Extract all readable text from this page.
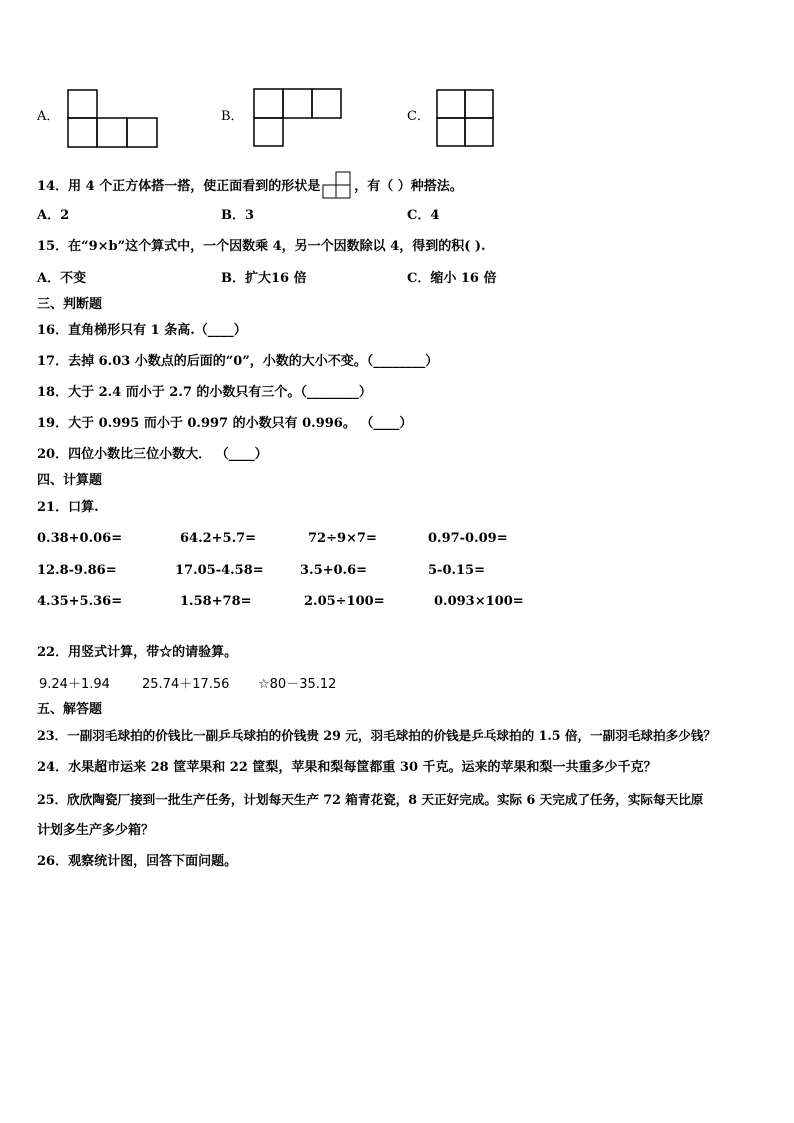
A．	B．	C．
14．用 4 个正方体搭一搭，使正面看到的形状是	，有（ ）种搭法。
A．2	B．3	C．4
15．在“9×b”这个算式中，一个因数乘 4，另一个因数除以 4，得到的积( ).
A．不变	B．扩大16 倍	C．缩小 16 倍
三、判断题
16．直角梯形只有 1 条高.（____）
17．去掉 6.03 小数点的后面的“0”，小数的大小不变。（________）
18．大于 2.4 而小于 2.7 的小数只有三个。（________）
19．大于 0.995 而小于 0.997 的小数只有 0.996。 （____）
20．四位小数比三位小数大． （____）
四、计算题
21．口算.
0.38+0.06=	64.2+5.7=	72÷9×7=	0.97-0.09=
12.8-9.86=	17.05-4.58=	3.5+0.6=	5-0.15=
4.35+5.36=	1.58+78=	2.05÷100=	0.093×100=
22．用竖式计算，带☆的请验算。
9.24＋1.94 25.74＋17.56 ☆80－35.12
五、解答题
23．一副羽毛球拍的价钱比一副乒乓球拍的价钱贵 29 元，羽毛球拍的价钱是乒乓球拍的 1.5 倍，一副羽毛球拍多少钱？
24．水果超市运来 28 筐苹果和 22 筐梨，苹果和梨每筐都重 30 千克。运来的苹果和梨一共重多少千克？
25．欣欣陶瓷厂接到一批生产任务，计划每天生产 72 箱青花瓷，8 天正好完成。实际 6 天完成了任务，实际每天比原
计划多生产多少箱？
26．观察统计图，回答下面问题。
